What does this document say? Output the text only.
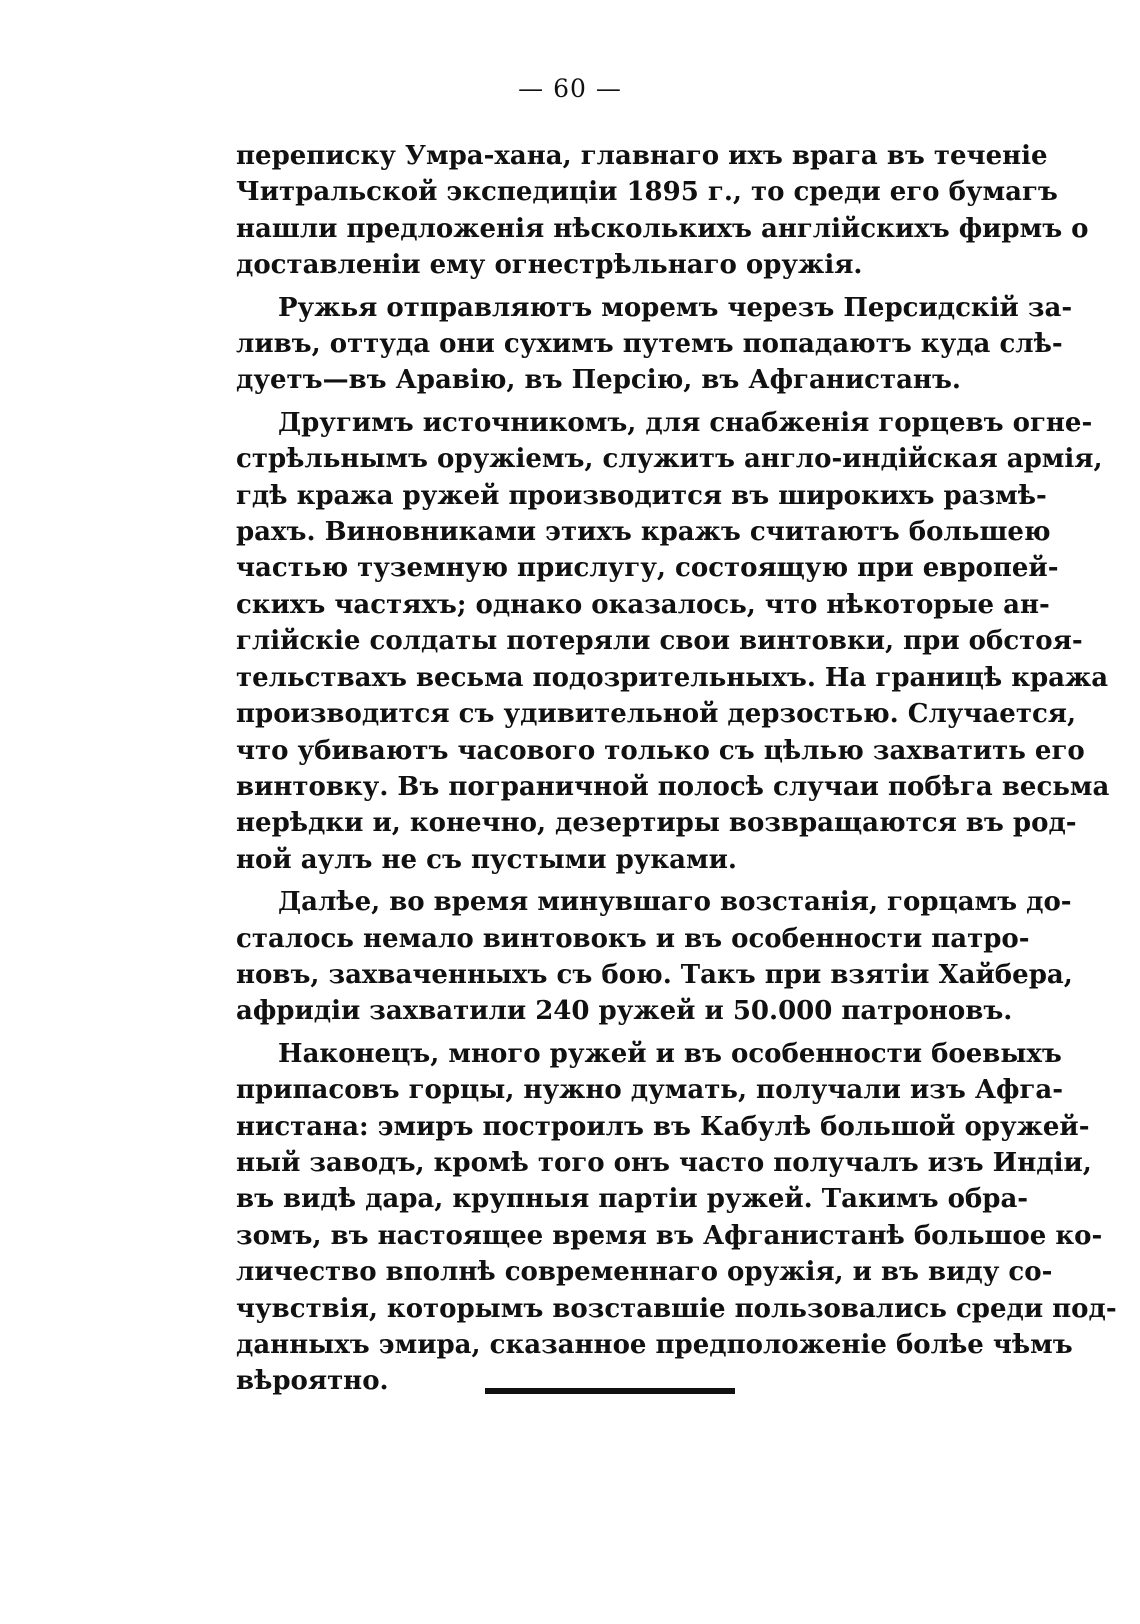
— 60 —

переписку Умра-хана, главнаго ихъ врага въ теченіе
Читральской экспедиціи 1895 г., то среди его бумагъ
нашли предложенія нѣсколькихъ англійскихъ фирмъ о
доставленіи ему огнестрѣльнаго оружія.

Ружья отправляютъ моремъ черезъ Персидскій за-
ливъ, оттуда они сухимъ путемъ попадаютъ куда слѣ-
дуетъ—въ Аравію, въ Персію, въ Афганистанъ.

Другимъ источникомъ, для снабженія горцевъ огне-
стрѣльнымъ оружіемъ, служитъ англо-индійская армія,
гдѣ кража ружей производится въ широкихъ размѣ-
рахъ. Виновниками этихъ кражъ считаютъ большею
частью туземную прислугу, состоящую при европей-
скихъ частяхъ; однако оказалось, что нѣкоторые ан-
глійскіе солдаты потеряли свои винтовки, при обстоя-
тельствахъ весьма подозрительныхъ. На границѣ кража
производится съ удивительной дерзостью. Случается,
что убиваютъ часового только съ цѣлью захватить его
винтовку. Въ пограничной полосѣ случаи побѣга весьма
нерѣдки и, конечно, дезертиры возвращаются въ род-
ной аулъ не съ пустыми руками.

Далѣе, во время минувшаго возстанія, горцамъ до-
сталось немало винтовокъ и въ особенности патро-
новъ, захваченныхъ съ бою. Такъ при взятіи Хайбера,
афридіи захватили 240 ружей и 50.000 патроновъ.

Наконецъ, много ружей и въ особенности боевыхъ
припасовъ горцы, нужно думать, получали изъ Афга-
нистана: эмиръ построилъ въ Кабулѣ большой оружей-
ный заводъ, кромѣ того онъ часто получалъ изъ Индіи,
въ видѣ дара, крупныя партіи ружей. Такимъ обра-
зомъ, въ настоящее время въ Афганистанѣ большое ко-
личество вполнѣ современнаго оружія, и въ виду со-
чувствія, которымъ возставшіе пользовались среди под-
данныхъ эмира, сказанное предположеніе болѣе чѣмъ
вѣроятно.
